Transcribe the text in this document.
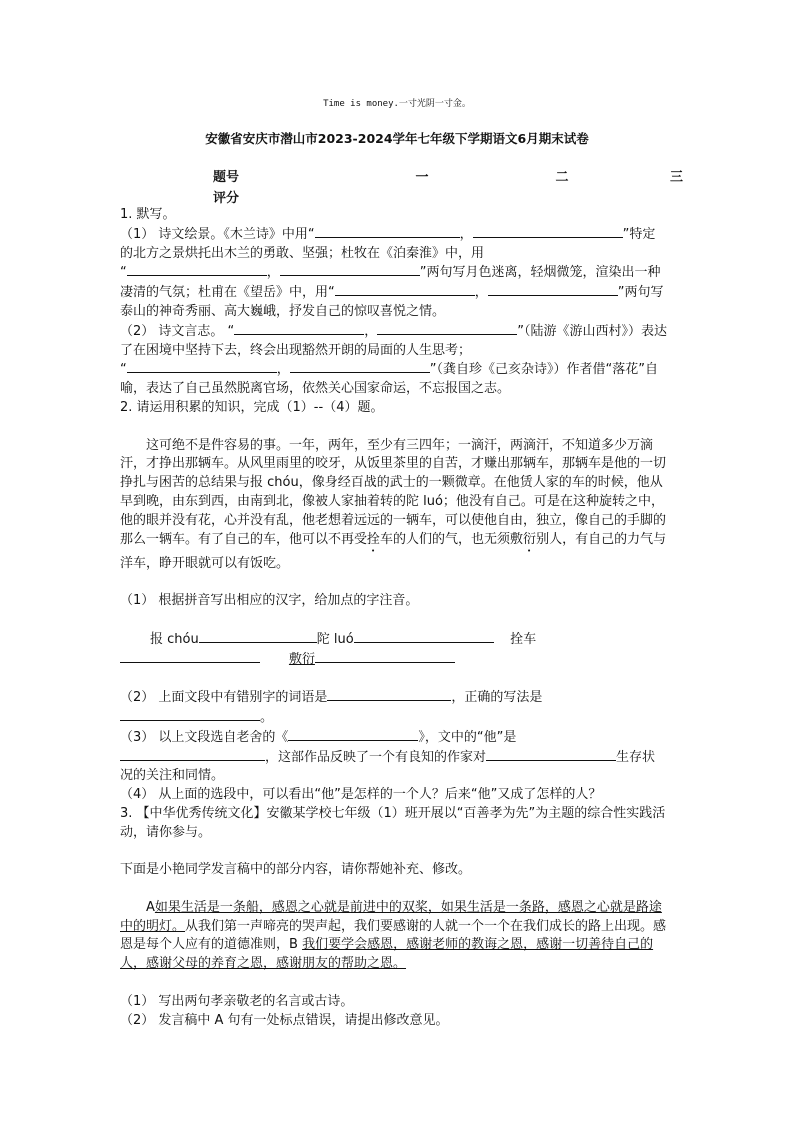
Time is money.一寸光阴一寸金。
安徽省安庆市潜山市2023-2024学年七年级下学期语文6月期末试卷
题号	一	二	三
评分

1. 默写。

（1） 诗文绘景。《木兰诗》中用“	，	”特定的北方之景烘托出木兰的勇敢、坚强；杜牧在《泊秦淮》中，用
“	，	”两句写月色迷离，轻烟微笼，渲染出一种凄清的气氛；杜甫在《望岳》中，用“	，	”两句写泰山的神奇秀丽、高大巍峨，抒发自己的惊叹喜悦之情。

（2） 诗文言志。 “	，	”（陆游《游山西村》）表达了在困境中坚持下去，终会出现豁然开朗的局面的人生思考；
“	，	”（龚自珍《己亥杂诗》）作者借“落花”自喻，表达了自己虽然脱离官场，依然关心国家命运，不忘报国之志。

2. 请运用积累的知识，完成（1）--（4）题。

这可绝不是件容易的事。一年，两年，至少有三四年；一滴汗，两滴汗，不知道多少万滴汗，才挣出那辆车。从风里雨里的咬牙，从饭里茶里的自苦，才赚出那辆车，那辆车是他的一切挣扎与困苦的总结果与报 chóu，像身经百战的武士的一颗微章。在他赁人家的车的时候，他从早到晚，由东到西，由南到北，像被人家抽着转的陀 luó；他没有自己。可是在这种旋转之中，他的眼并没有花，心并没有乱，他老想着远远的一辆车，可以使他自由，独立，像自己的手脚的那么一辆车。有了自己的车，他可以不再受拴车的人们的气，也无须敷衍别人，有自己的力气与洋车，睁开眼就可以有饭吃。

（1） 根据拼音写出相应的汉字，给加点的字注音。

报 chóu	陀 luó	拴车

敷衍

（2） 上面文段中有错别字的词语是	，正确的写法是
。

（3） 以上文段选自老舍的《	》，文中的“他”是
，这部作品反映了一个有良知的作家对	生存状况的关注和同情。

（4） 从上面的选段中，可以看出“他”是怎样的一个人？后来“他”又成了怎样的人？

3. 【中华优秀传统文化】安徽某学校七年级（1）班开展以“百善孝为先”为主题的综合性实践活动，请你参与。

下面是小艳同学发言稿中的部分内容，请你帮她补充、修改。

A如果生活是一条船，感恩之心就是前进中的双桨，如果生活是一条路，感恩之心就是路途中的明灯。从我们第一声啼亮的哭声起，我们要感谢的人就一个一个在我们成长的路上出现。感恩是每个人应有的道德准则，B 我们要学会感恩，感谢老师的教诲之恩，感谢一切善待自己的人，感谢父母的养育之恩，感谢朋友的帮助之恩。

（1） 写出两句孝亲敬老的名言或古诗。

（2） 发言稿中 A 句有一处标点错误，请提出修改意见。
